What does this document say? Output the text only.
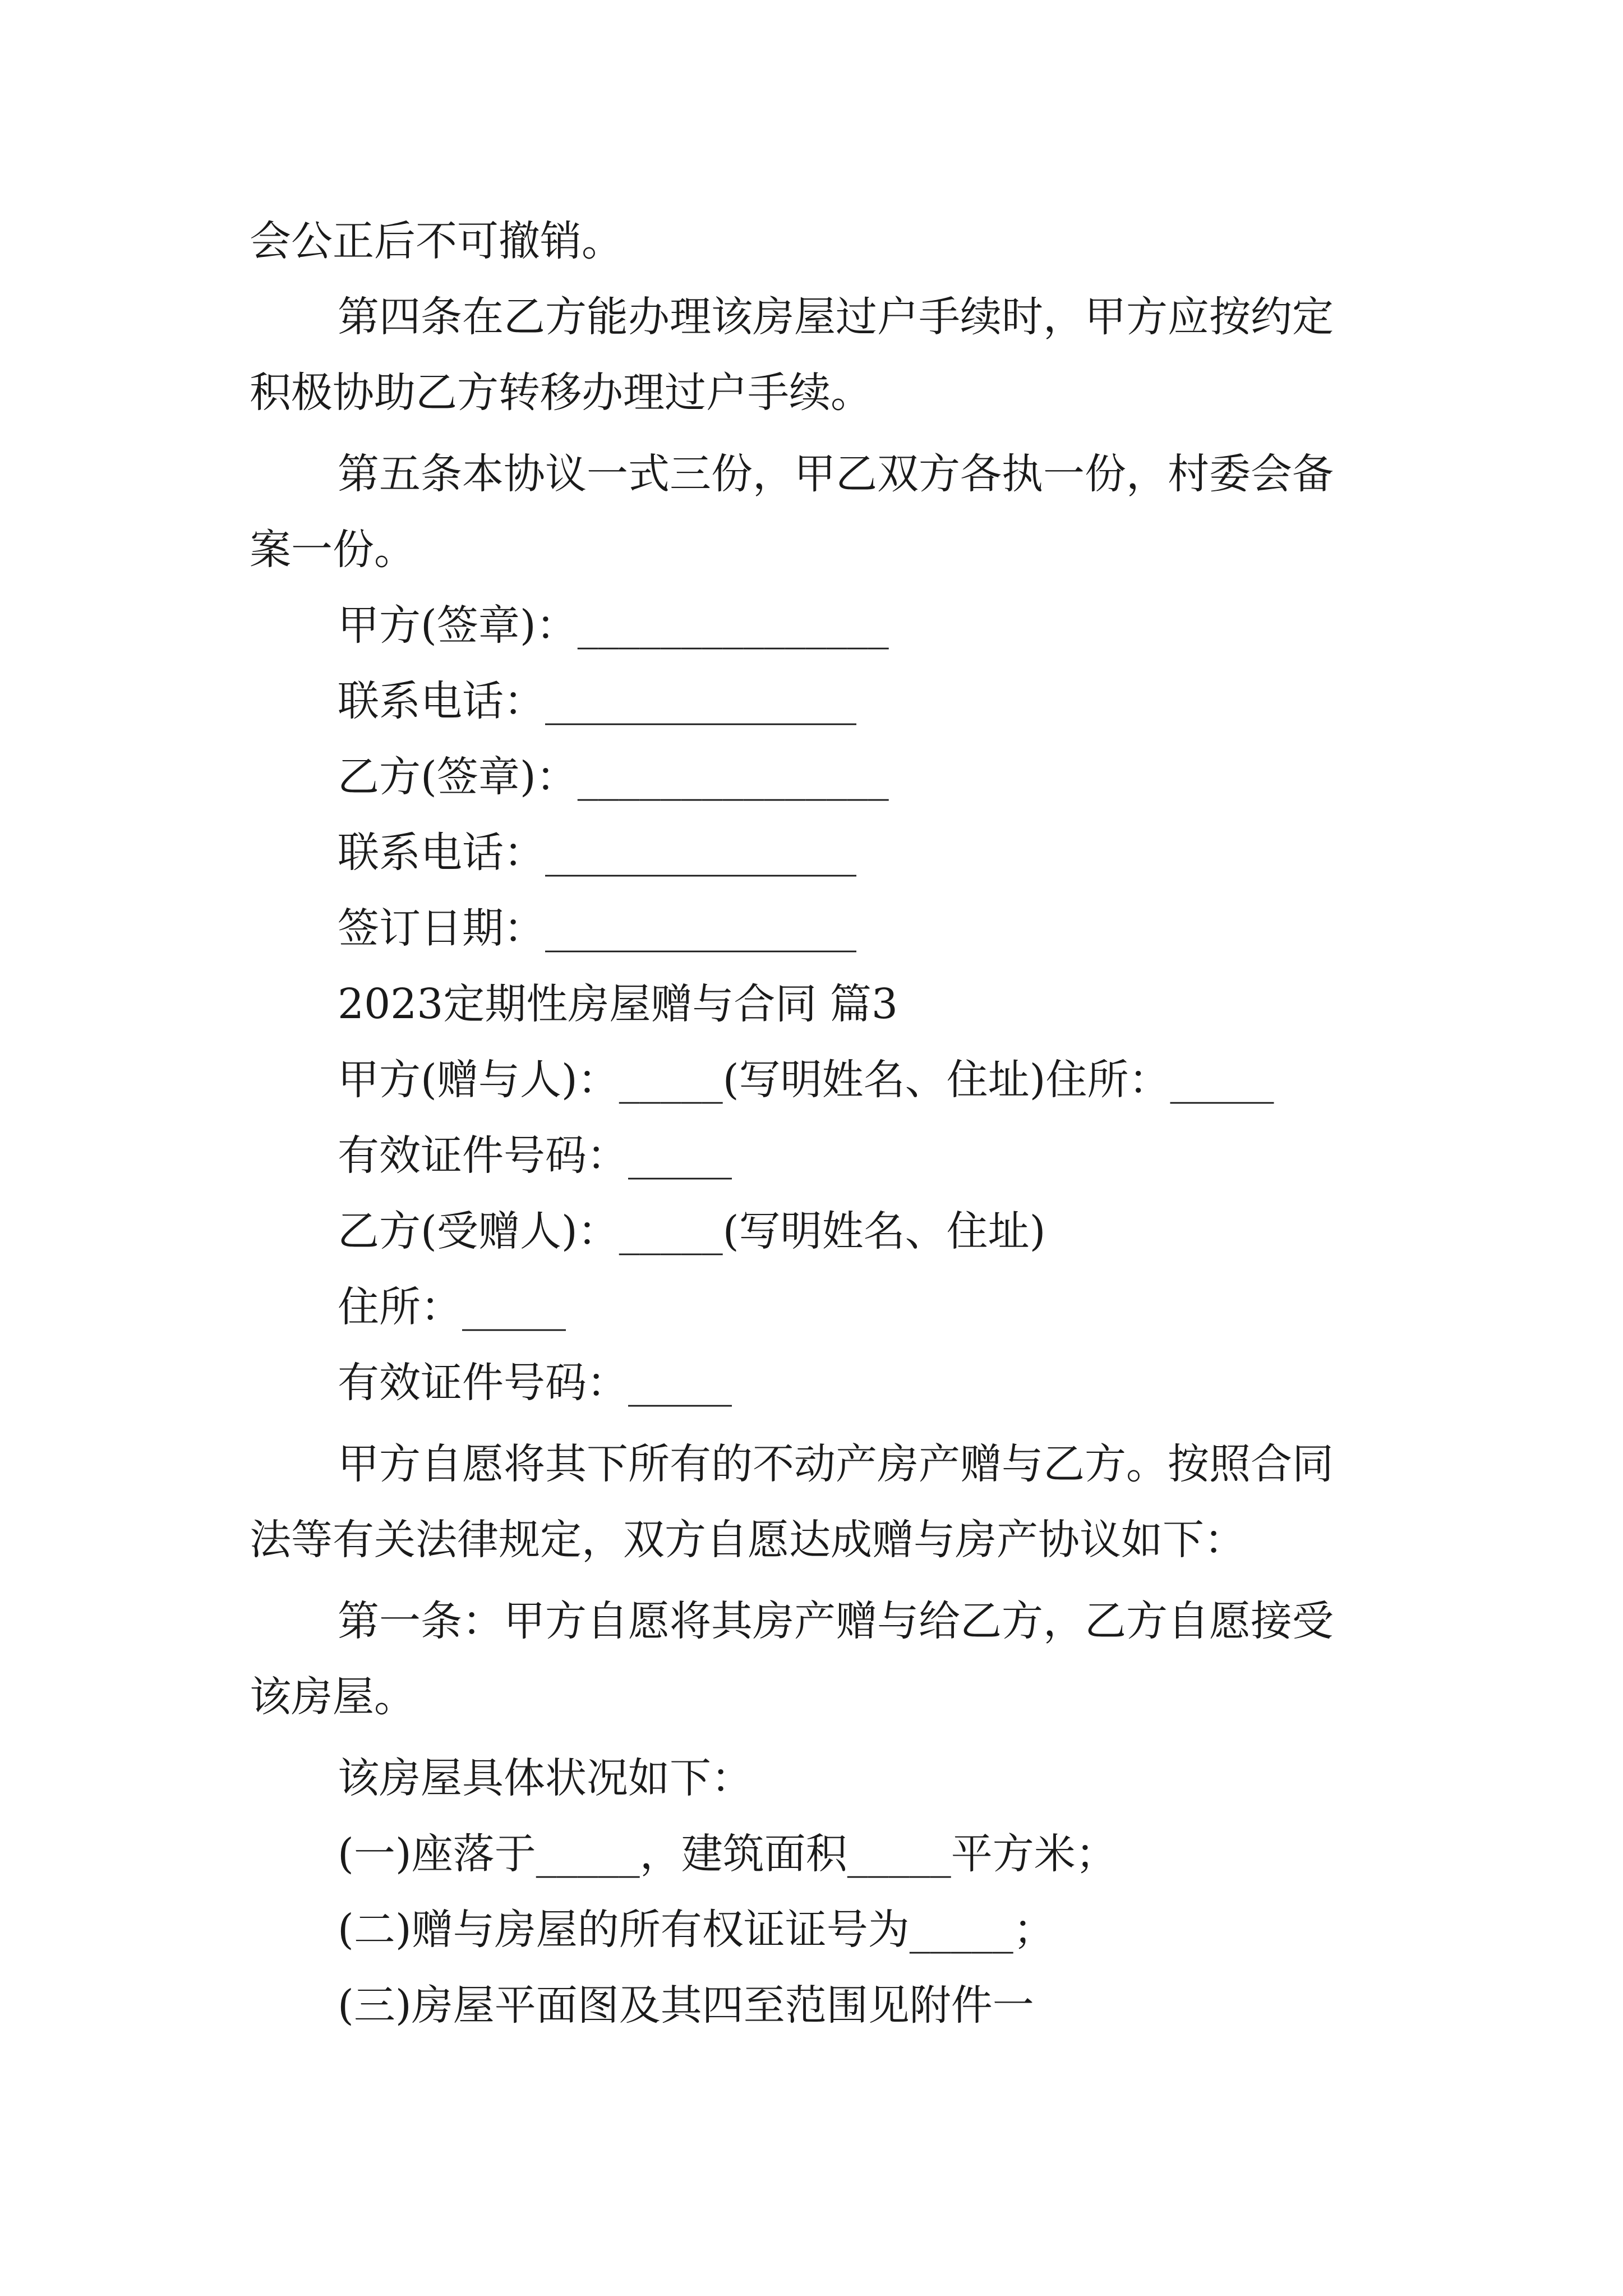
会公正后不可撤销。
第四条在乙方能办理该房屋过户手续时，甲方应按约定
积极协助乙方转移办理过户手续。
第五条本协议一式三份，甲乙双方各执一份，村委会备
案一份。
甲方(签章)：_______________
联系电话：_______________
乙方(签章)：_______________
联系电话：_______________
签订日期：_______________
2023定期性房屋赠与合同 篇3
甲方(赠与人)：_____(写明姓名、住址)住所：_____
有效证件号码：_____
乙方(受赠人)：_____(写明姓名、住址)
住所：_____
有效证件号码：_____
甲方自愿将其下所有的不动产房产赠与乙方。按照合同
法等有关法律规定，双方自愿达成赠与房产协议如下：
第一条：甲方自愿将其房产赠与给乙方，乙方自愿接受
该房屋。
该房屋具体状况如下：
(一)座落于_____，建筑面积_____平方米；
(二)赠与房屋的所有权证证号为_____；
(三)房屋平面图及其四至范围见附件一
